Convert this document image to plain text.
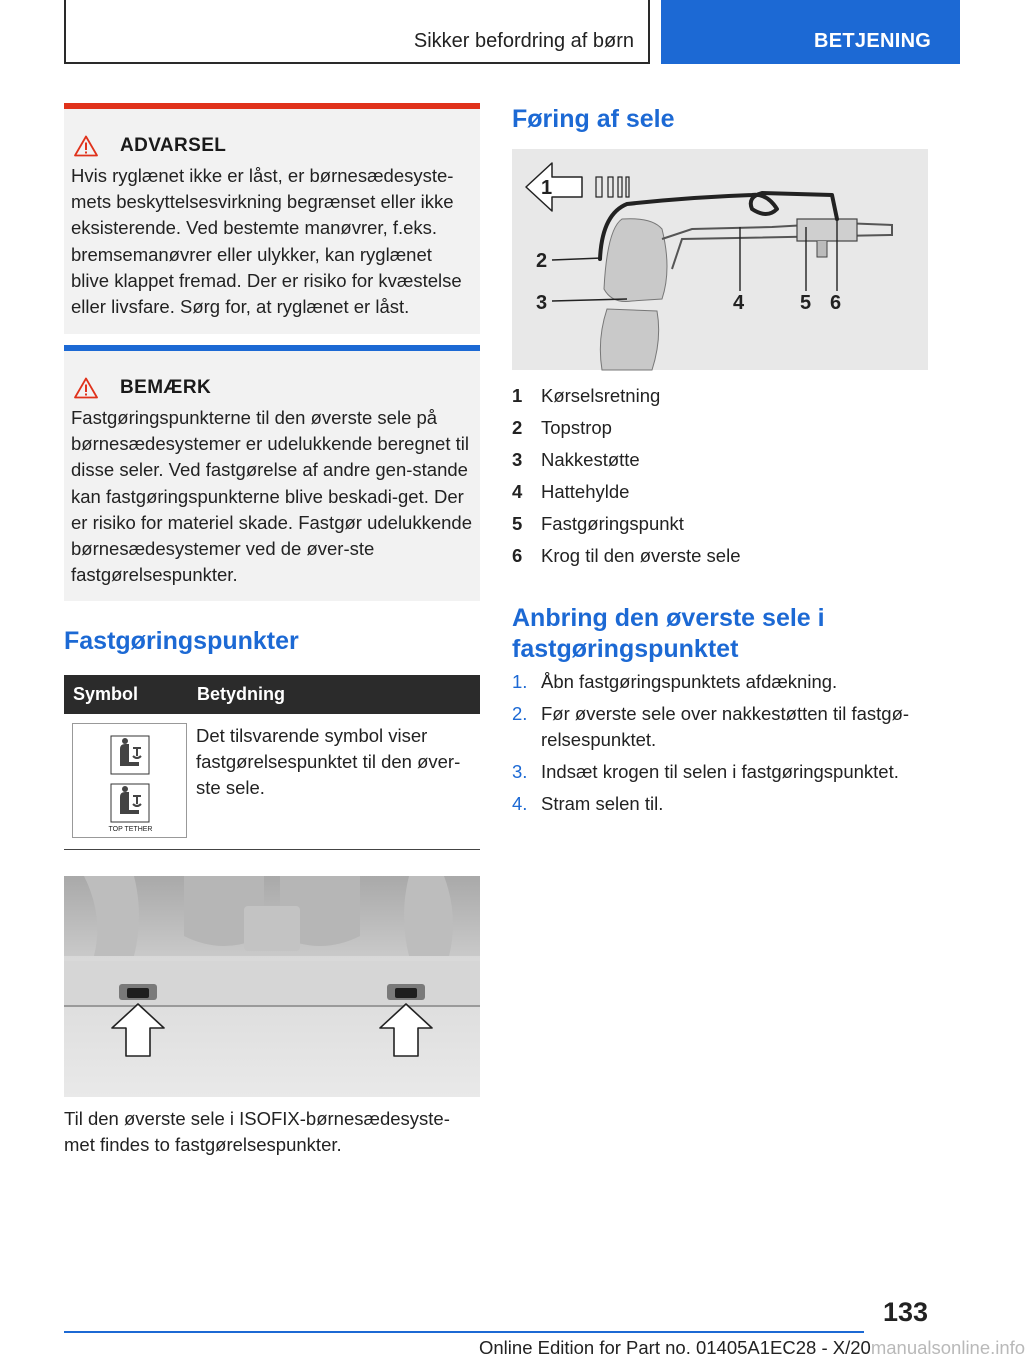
Sikker befordring af børn	BETJENING
ADVARSEL

Hvis ryglænet ikke er låst, er børnesædesyste-mets beskyttelsesvirkning begrænset eller ikke eksisterende. Ved bestemte manøvrer, f.eks. bremsemanøvrer eller ulykker, kan ryglænet blive klappet fremad. Der er risiko for kvæstelse eller livsfare. Sørg for, at ryglænet er låst.

BEMÆRK

Fastgøringspunkterne til den øverste sele på børnesædesystemer er udelukkende beregnet til disse seler. Ved fastgørelse af andre gen-stande kan fastgøringspunkterne blive beskadi-get. Der er risiko for materiel skade. Fastgør udelukkende børnesædesystemer ved de øver-ste fastgørelsespunkter.

Fastgøringspunkter
Symbol	Betydning
TOP TETHER
Det tilsvarende symbol viser fastgørelsespunktet til den øver-ste sele.

Til den øverste sele i ISOFIX-børnesædesyste-met findes to fastgørelsespunkter.

Føring af sele
1
2
3	4	5 6
1	Kørselsretning
2	Topstrop
3	Nakkestøtte
4	Hattehylde
5	Fastgøringspunkt
6	Krog til den øverste sele
Anbring den øverste sele i fastgøringspunktet
1. Åbn fastgøringspunktets afdækning.
2. Før øverste sele over nakkestøtten til fastgø-relsespunktet.
3. Indsæt krogen til selen i fastgøringspunktet.
4. Stram selen til.
133
Online Edition for Part no. 01405A1EC28 - X/20manualsonline.info
